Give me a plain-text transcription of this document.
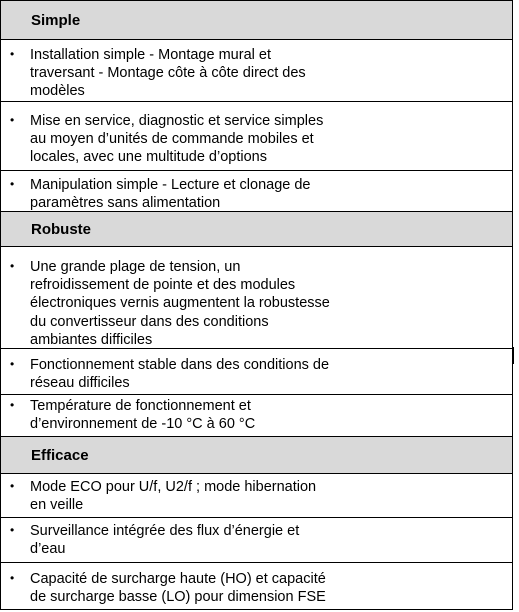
Simple
• Installation simple - Montage mural et
traversant - Montage côte à côte direct des
modèles
• Mise en service, diagnostic et service simples
au moyen d’unités de commande mobiles et
locales, avec une multitude d’options
• Manipulation simple - Lecture et clonage de
paramètres sans alimentation
Robuste
• Une grande plage de tension, un
refroidissement de pointe et des modules
électroniques vernis augmentent la robustesse
du convertisseur dans des conditions
ambiantes difficiles
• Fonctionnement stable dans des conditions de
réseau difficiles
• Température de fonctionnement et
d’environnement de -10 °C à 60 °C
Efficace
• Mode ECO pour U/f, U2/f ; mode hibernation
en veille
• Surveillance intégrée des flux d’énergie et
d’eau
• Capacité de surcharge haute (HO) et capacité
de surcharge basse (LO) pour dimension FSE
